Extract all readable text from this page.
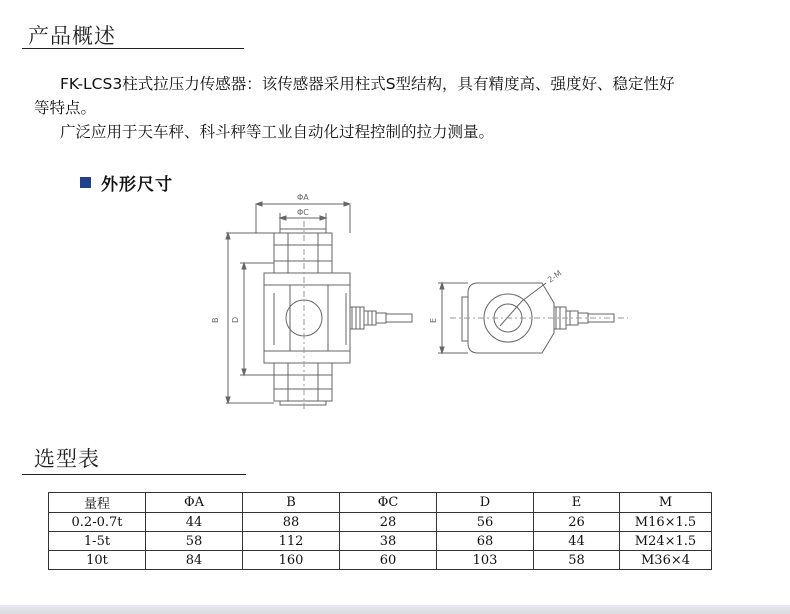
产品概述
FK-LCS3柱式拉压力传感器：该传感器采用柱式S型结构，具有精度高、强度好、稳定性好
等特点。
广泛应用于天车秤、科斗秤等工业自动化过程控制的拉力测量。
外形尺寸
ΦA
ΦC
B D	E
2-M
选型表
量程	ΦA	B	ΦC	D	E	M
0.2-0.7t	44	88	28	56	26	M16×1.5
1-5t	58	112	38	68	44	M24×1.5
10t	84	160	60	103	58	M36×4
